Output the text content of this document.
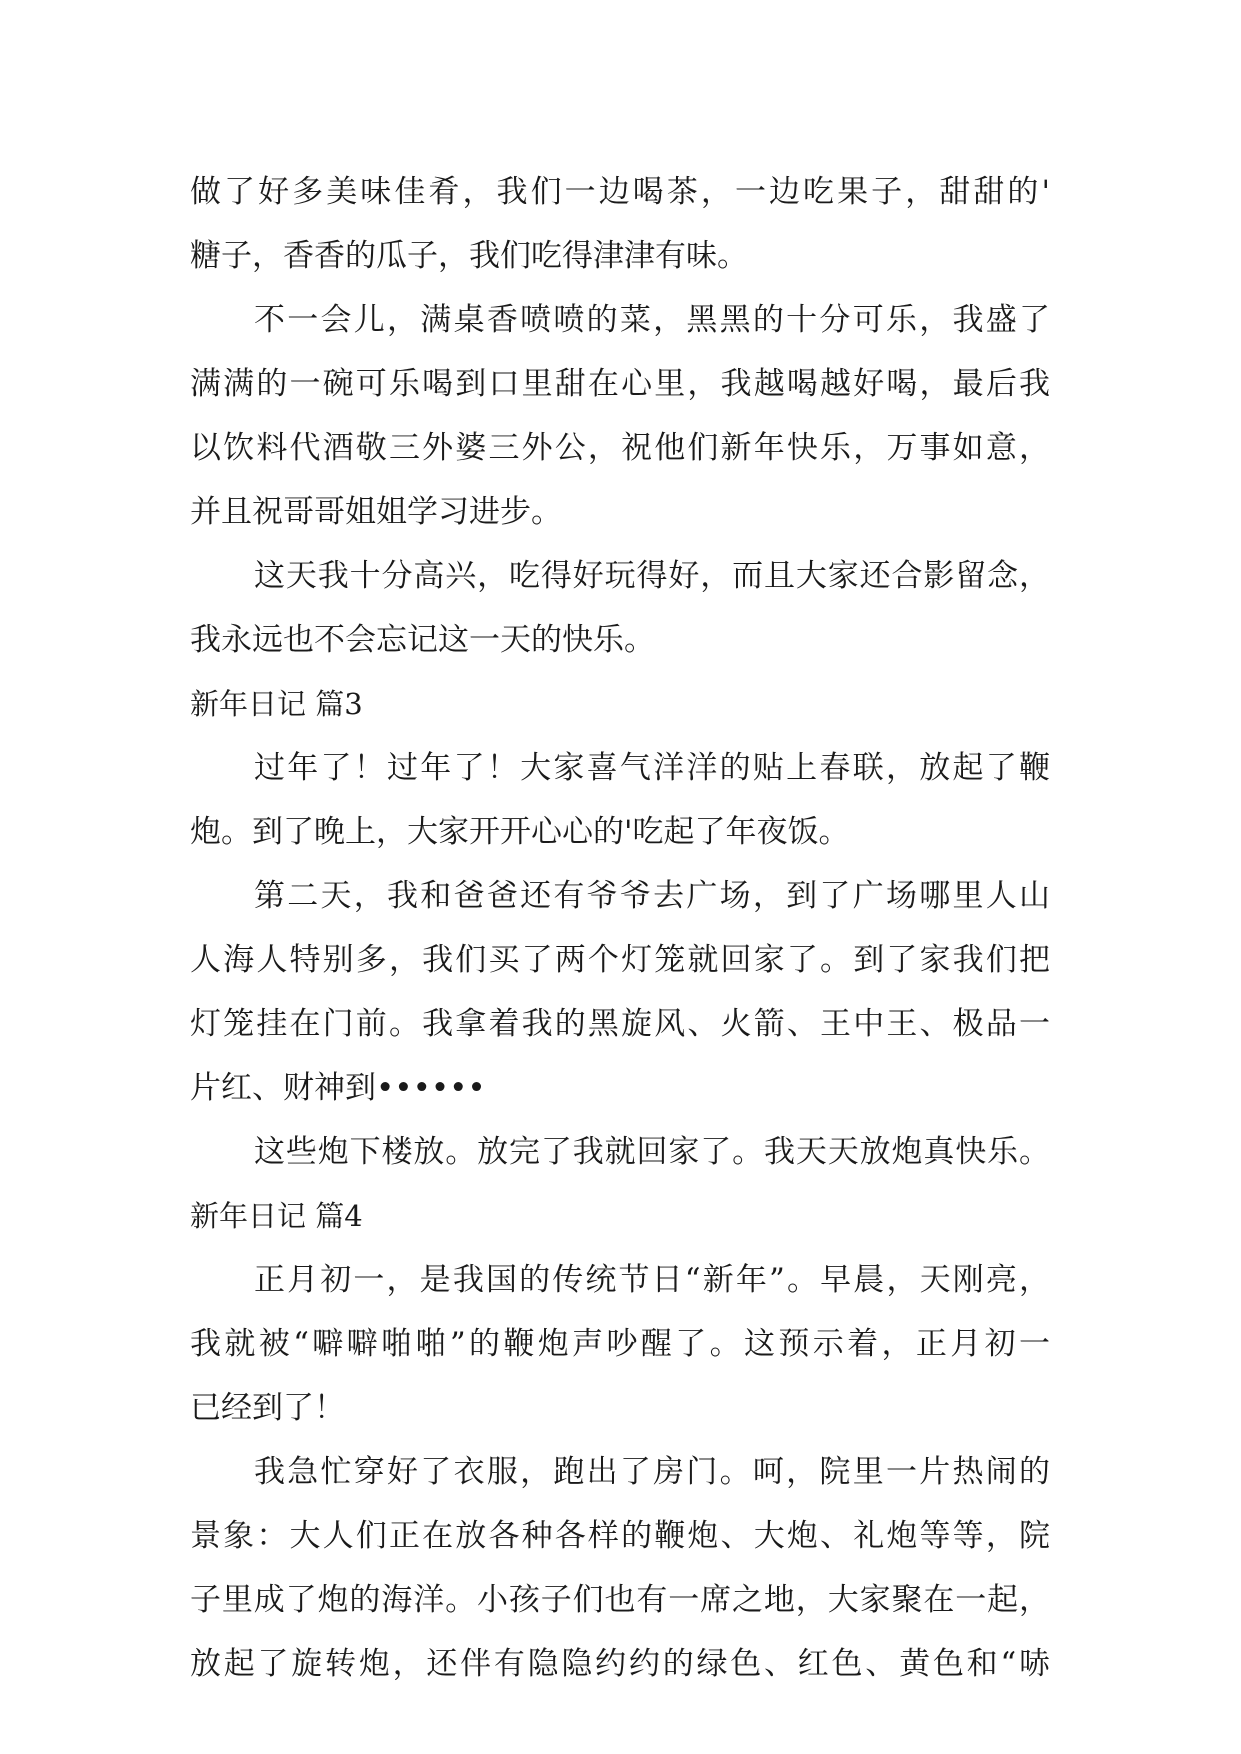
做了好多美味佳肴，我们一边喝茶，一边吃果子，甜甜的'
糖子，香香的瓜子，我们吃得津津有味。
不一会儿，满桌香喷喷的菜，黑黑的十分可乐，我盛了
满满的一碗可乐喝到口里甜在心里，我越喝越好喝，最后我
以饮料代酒敬三外婆三外公，祝他们新年快乐，万事如意，
并且祝哥哥姐姐学习进步。
这天我十分高兴，吃得好玩得好，而且大家还合影留念，
我永远也不会忘记这一天的快乐。
新年日记 篇3
过年了！过年了！大家喜气洋洋的贴上春联，放起了鞭
炮。到了晚上，大家开开心心的'吃起了年夜饭。
第二天，我和爸爸还有爷爷去广场，到了广场哪里人山
人海人特别多，我们买了两个灯笼就回家了。到了家我们把
灯笼挂在门前。我拿着我的黑旋风、火箭、王中王、极品一
片红、财神到••••••
这些炮下楼放。放完了我就回家了。我天天放炮真快乐。
新年日记 篇4
正月初一，是我国的传统节日“新年”。早晨，天刚亮，
我就被“噼噼啪啪”的鞭炮声吵醒了。这预示着，正月初一
已经到了！
我急忙穿好了衣服，跑出了房门。呵，院里一片热闹的
景象：大人们正在放各种各样的鞭炮、大炮、礼炮等等，院
子里成了炮的海洋。小孩子们也有一席之地，大家聚在一起，
放起了旋转炮，还伴有隐隐约约的绿色、红色、黄色和“哧
